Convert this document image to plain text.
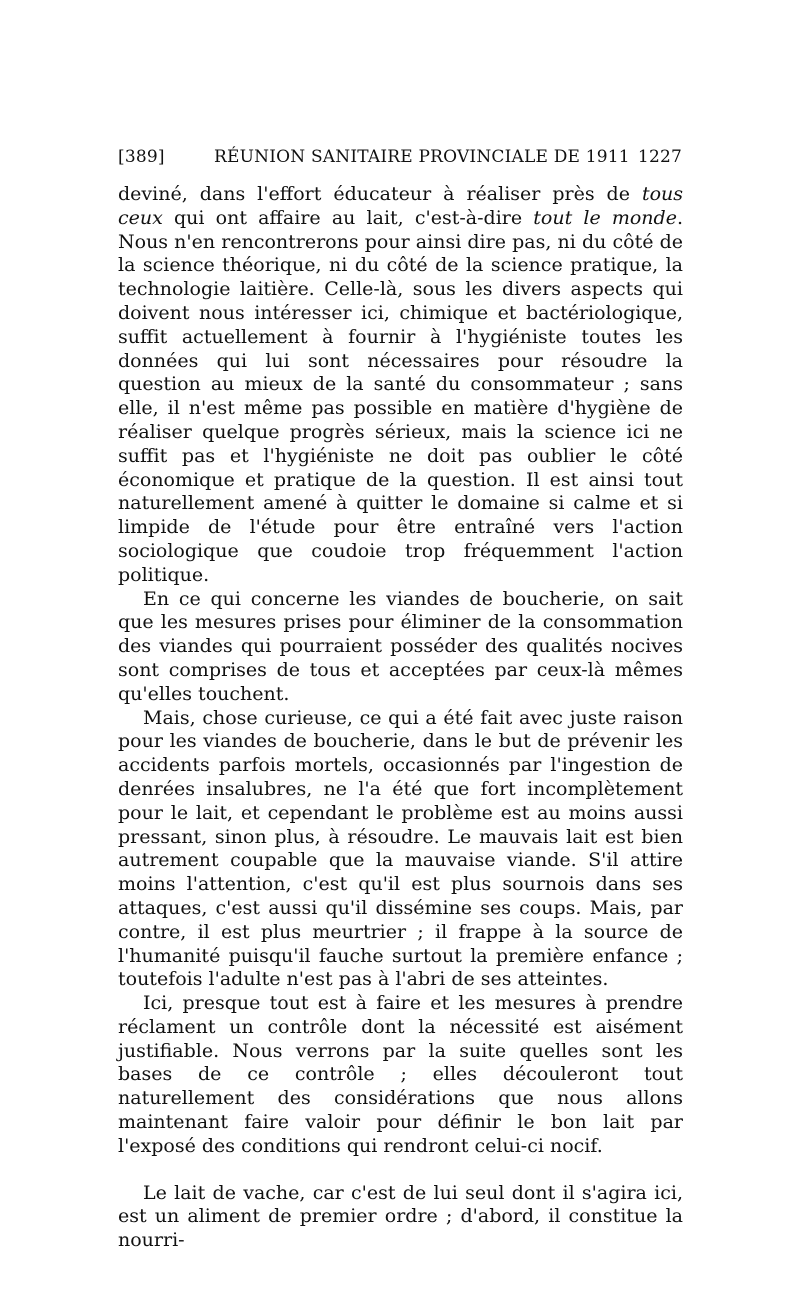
[389]	RÉUNION SANITAIRE PROVINCIALE DE 1911 1227

deviné, dans l'effort éducateur à réaliser près de tous ceux qui ont affaire au lait, c'est-à-dire tout le monde. Nous n'en rencontrerons pour ainsi dire pas, ni du côté de la science théorique, ni du côté de la science pratique, la technologie laitière. Celle-là, sous les divers aspects qui doivent nous intéresser ici, chimique et bactériologique, suffit actuellement à fournir à l'hygiéniste toutes les données qui lui sont nécessaires pour résoudre la question au mieux de la santé du consommateur ; sans elle, il n'est même pas possible en matière d'hygiène de réaliser quelque progrès sérieux, mais la science ici ne suffit pas et l'hygiéniste ne doit pas oublier le côté économique et pratique de la question. Il est ainsi tout naturellement amené à quitter le domaine si calme et si limpide de l'étude pour être entraîné vers l'action sociologique que coudoie trop fréquemment l'action politique.

En ce qui concerne les viandes de boucherie, on sait que les mesures prises pour éliminer de la consommation des viandes qui pourraient posséder des qualités nocives sont comprises de tous et acceptées par ceux-là mêmes qu'elles touchent.

Mais, chose curieuse, ce qui a été fait avec juste raison pour les viandes de boucherie, dans le but de prévenir les accidents parfois mortels, occasionnés par l'ingestion de denrées insalubres, ne l'a été que fort incomplètement pour le lait, et cependant le problème est au moins aussi pressant, sinon plus, à résoudre. Le mauvais lait est bien autrement coupable que la mauvaise viande. S'il attire moins l'attention, c'est qu'il est plus sournois dans ses attaques, c'est aussi qu'il dissémine ses coups. Mais, par contre, il est plus meurtrier ; il frappe à la source de l'humanité puisqu'il fauche surtout la première enfance ; toutefois l'adulte n'est pas à l'abri de ses atteintes.

Ici, presque tout est à faire et les mesures à prendre réclament un contrôle dont la nécessité est aisément justifiable. Nous verrons par la suite quelles sont les bases de ce contrôle ; elles découleront tout naturellement des considérations que nous allons maintenant faire valoir pour définir le bon lait par l'exposé des conditions qui rendront celui-ci nocif.

Le lait de vache, car c'est de lui seul dont il s'agira ici, est un aliment de premier ordre ; d'abord, il constitue la nourri-
